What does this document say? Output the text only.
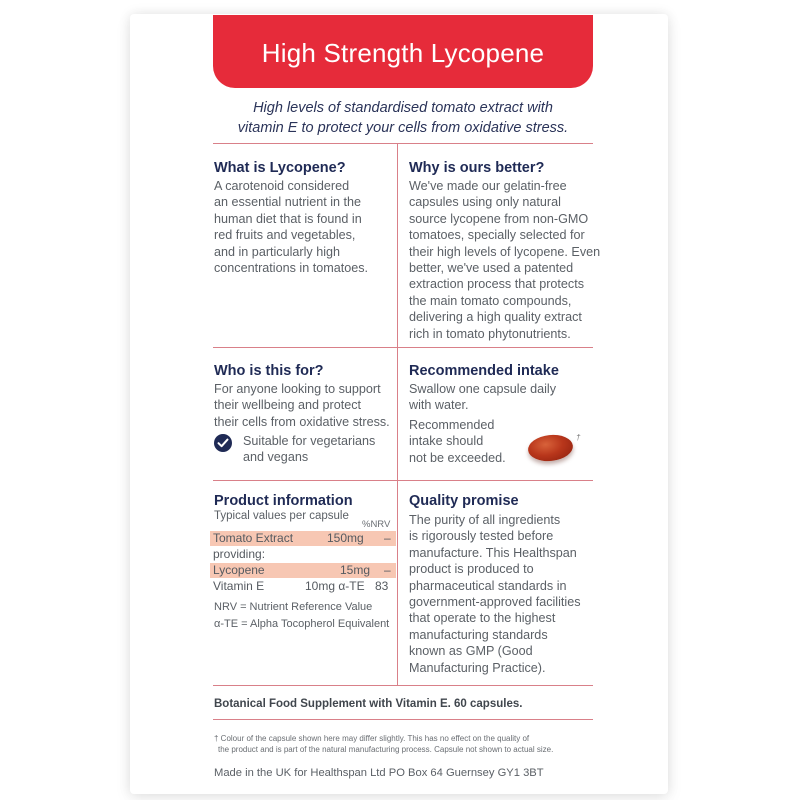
High Strength Lycopene
High levels of standardised tomato extract with
vitamin E to protect your cells from oxidative stress.
What is Lycopene?
A carotenoid considered
an essential nutrient in the
human diet that is found in
red fruits and vegetables,
and in particularly high
concentrations in tomatoes.
Why is ours better?
We've made our gelatin-free
capsules using only natural
source lycopene from non-GMO
tomatoes, specially selected for
their high levels of lycopene. Even
better, we've used a patented
extraction process that protects
the main tomato compounds,
delivering a high quality extract
rich in tomato phytonutrients.
Who is this for?
For anyone looking to support
their wellbeing and protect
their cells from oxidative stress.
Suitable for vegetarians
and vegans
Recommended intake
Swallow one capsule daily
with water.
Recommended
intake should
not be exceeded.
†
Product information
Typical values per capsule
%NRV
Tomato Extract	150mg –
providing:
Lycopene	15mg –
Vitamin E	10mg α-TE 83
NRV = Nutrient Reference Value
α-TE = Alpha Tocopherol Equivalent
Quality promise
The purity of all ingredients
is rigorously tested before
manufacture. This Healthspan
product is produced to
pharmaceutical standards in
government-approved facilities
that operate to the highest
manufacturing standards
known as GMP (Good
Manufacturing Practice).
Botanical Food Supplement with Vitamin E. 60 capsules.
† Colour of the capsule shown here may differ slightly. This has no effect on the quality of
the product and is part of the natural manufacturing process. Capsule not shown to actual size.
Made in the UK for Healthspan Ltd PO Box 64 Guernsey GY1 3BT
